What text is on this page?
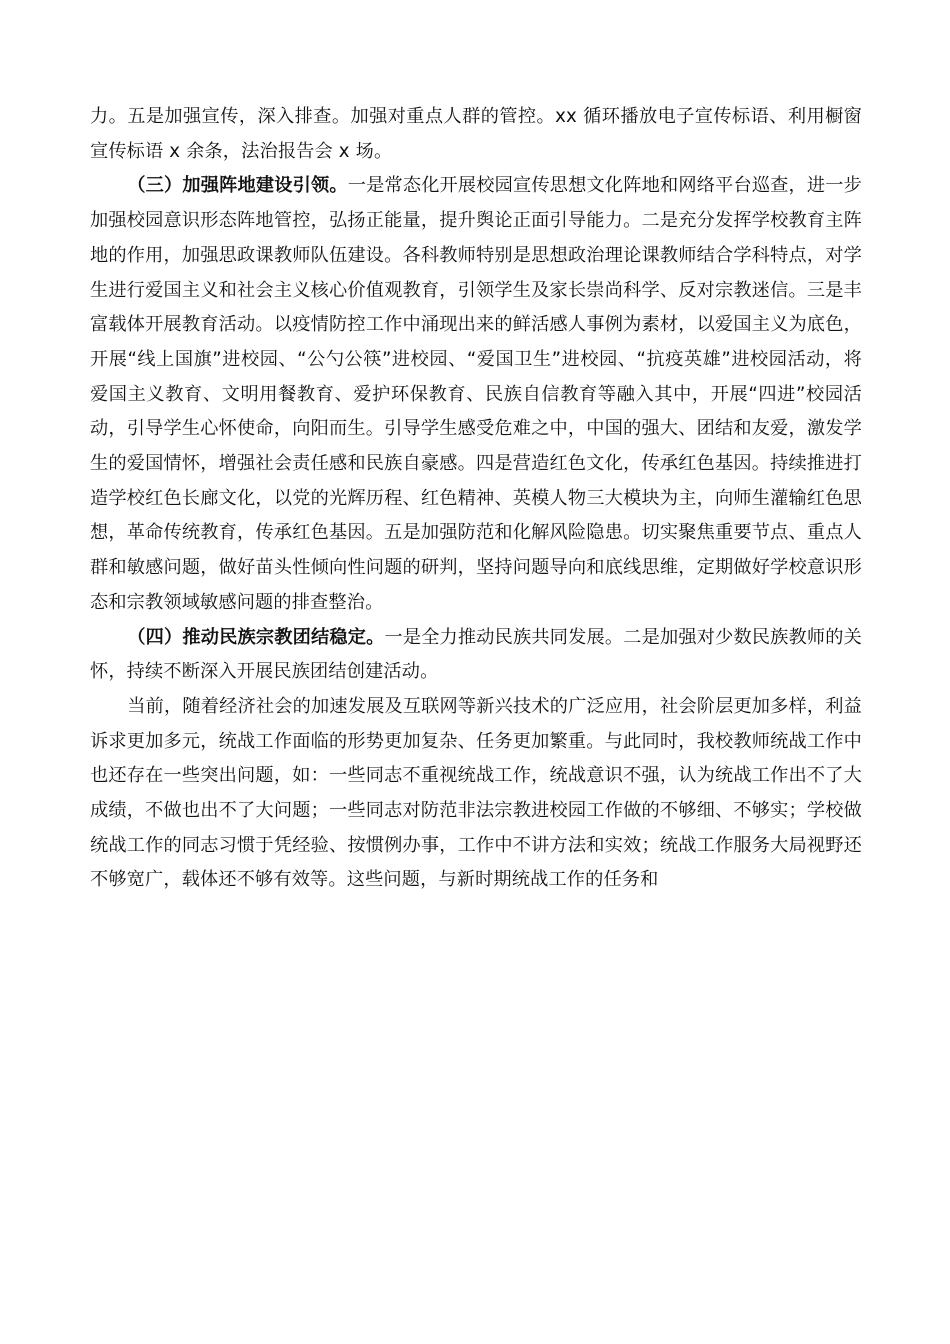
力。五是加强宣传，深入排查。加强对重点人群的管控。xx 循环播放电子宣传标语、利用橱窗宣传标语 x 余条，法治报告会 x 场。

（三）加强阵地建设引领。一是常态化开展校园宣传思想文化阵地和网络平台巡查，进一步加强校园意识形态阵地管控，弘扬正能量，提升舆论正面引导能力。二是充分发挥学校教育主阵地的作用，加强思政课教师队伍建设。各科教师特别是思想政治理论课教师结合学科特点，对学生进行爱国主义和社会主义核心价值观教育，引领学生及家长崇尚科学、反对宗教迷信。三是丰富载体开展教育活动。以疫情防控工作中涌现出来的鲜活感人事例为素材，以爱国主义为底色，开展“线上国旗”进校园、“公勺公筷”进校园、“爱国卫生”进校园、“抗疫英雄”进校园活动，将爱国主义教育、文明用餐教育、爱护环保教育、民族自信教育等融入其中，开展“四进”校园活动，引导学生心怀使命，向阳而生。引导学生感受危难之中，中国的强大、团结和友爱，激发学生的爱国情怀，增强社会责任感和民族自豪感。四是营造红色文化，传承红色基因。持续推进打造学校红色长廊文化，以党的光辉历程、红色精神、英模人物三大模块为主，向师生灌输红色思想，革命传统教育，传承红色基因。五是加强防范和化解风险隐患。切实聚焦重要节点、重点人群和敏感问题，做好苗头性倾向性问题的研判，坚持问题导向和底线思维，定期做好学校意识形态和宗教领域敏感问题的排查整治。

（四）推动民族宗教团结稳定。一是全力推动民族共同发展。二是加强对少数民族教师的关怀，持续不断深入开展民族团结创建活动。

当前，随着经济社会的加速发展及互联网等新兴技术的广泛应用，社会阶层更加多样，利益诉求更加多元，统战工作面临的形势更加复杂、任务更加繁重。与此同时，我校教师统战工作中也还存在一些突出问题，如：一些同志不重视统战工作，统战意识不强，认为统战工作出不了大成绩，不做也出不了大问题；一些同志对防范非法宗教进校园工作做的不够细、不够实；学校做统战工作的同志习惯于凭经验、按惯例办事，工作中不讲方法和实效；统战工作服务大局视野还不够宽广，载体还不够有效等。这些问题，与新时期统战工作的任务和
